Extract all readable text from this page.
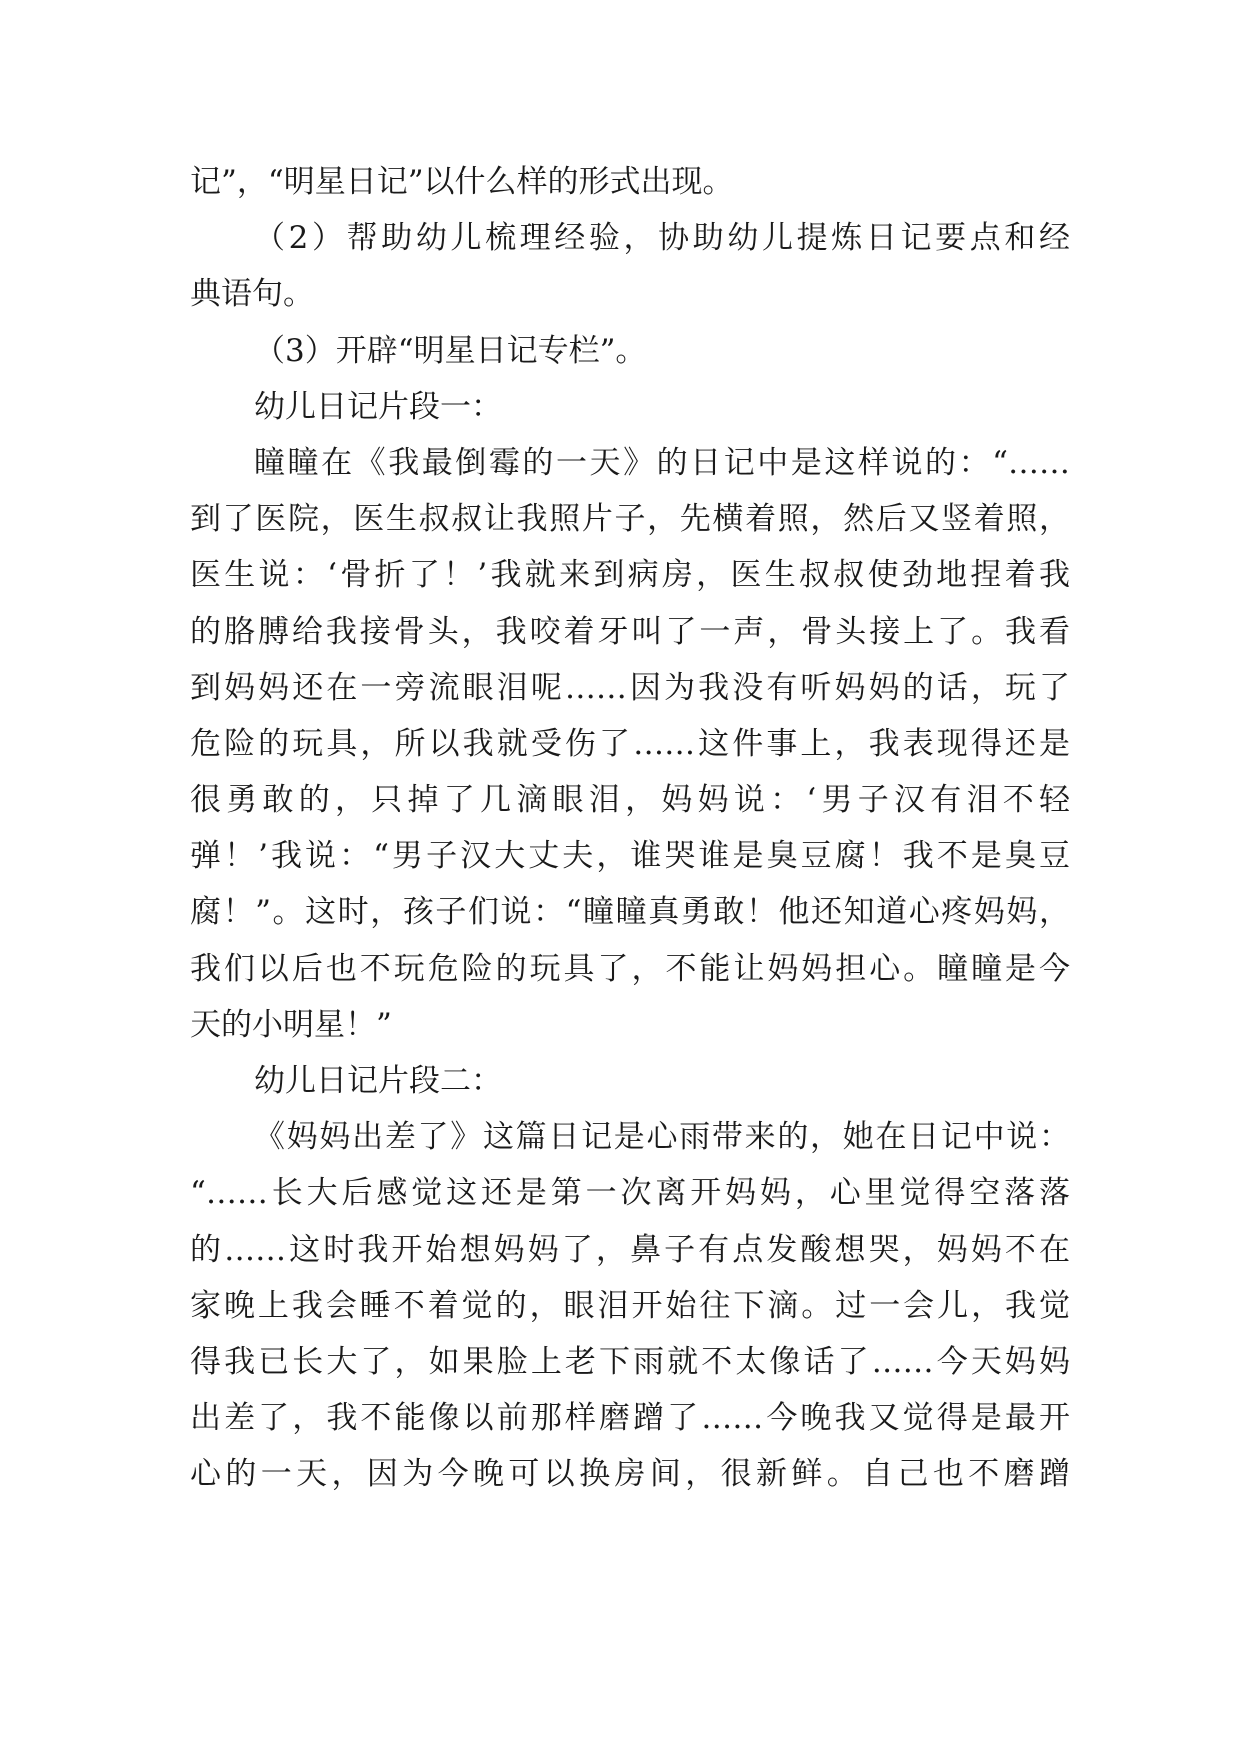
记”，“明星日记”以什么样的形式出现。
（2）帮助幼儿梳理经验，协助幼儿提炼日记要点和经
典语句。
（3）开辟“明星日记专栏”。
幼儿日记片段一：
瞳瞳在《我最倒霉的一天》的日记中是这样说的：“……
到了医院，医生叔叔让我照片子，先横着照，然后又竖着照，
医生说：‘骨折了！’我就来到病房，医生叔叔使劲地捏着我
的胳膊给我接骨头，我咬着牙叫了一声，骨头接上了。我看
到妈妈还在一旁流眼泪呢……因为我没有听妈妈的话，玩了
危险的玩具，所以我就受伤了……这件事上，我表现得还是
很勇敢的，只掉了几滴眼泪，妈妈说：‘男子汉有泪不轻
弹！’我说：“男子汉大丈夫，谁哭谁是臭豆腐！我不是臭豆
腐！”。这时，孩子们说：“瞳瞳真勇敢！他还知道心疼妈妈，
我们以后也不玩危险的玩具了，不能让妈妈担心。瞳瞳是今
天的小明星！”
幼儿日记片段二：
《妈妈出差了》这篇日记是心雨带来的，她在日记中说：
“……长大后感觉这还是第一次离开妈妈，心里觉得空落落
的……这时我开始想妈妈了，鼻子有点发酸想哭，妈妈不在
家晚上我会睡不着觉的，眼泪开始往下滴。过一会儿，我觉
得我已长大了，如果脸上老下雨就不太像话了……今天妈妈
出差了，我不能像以前那样磨蹭了……今晚我又觉得是最开
心的一天，因为今晚可以换房间，很新鲜。自己也不磨蹭
